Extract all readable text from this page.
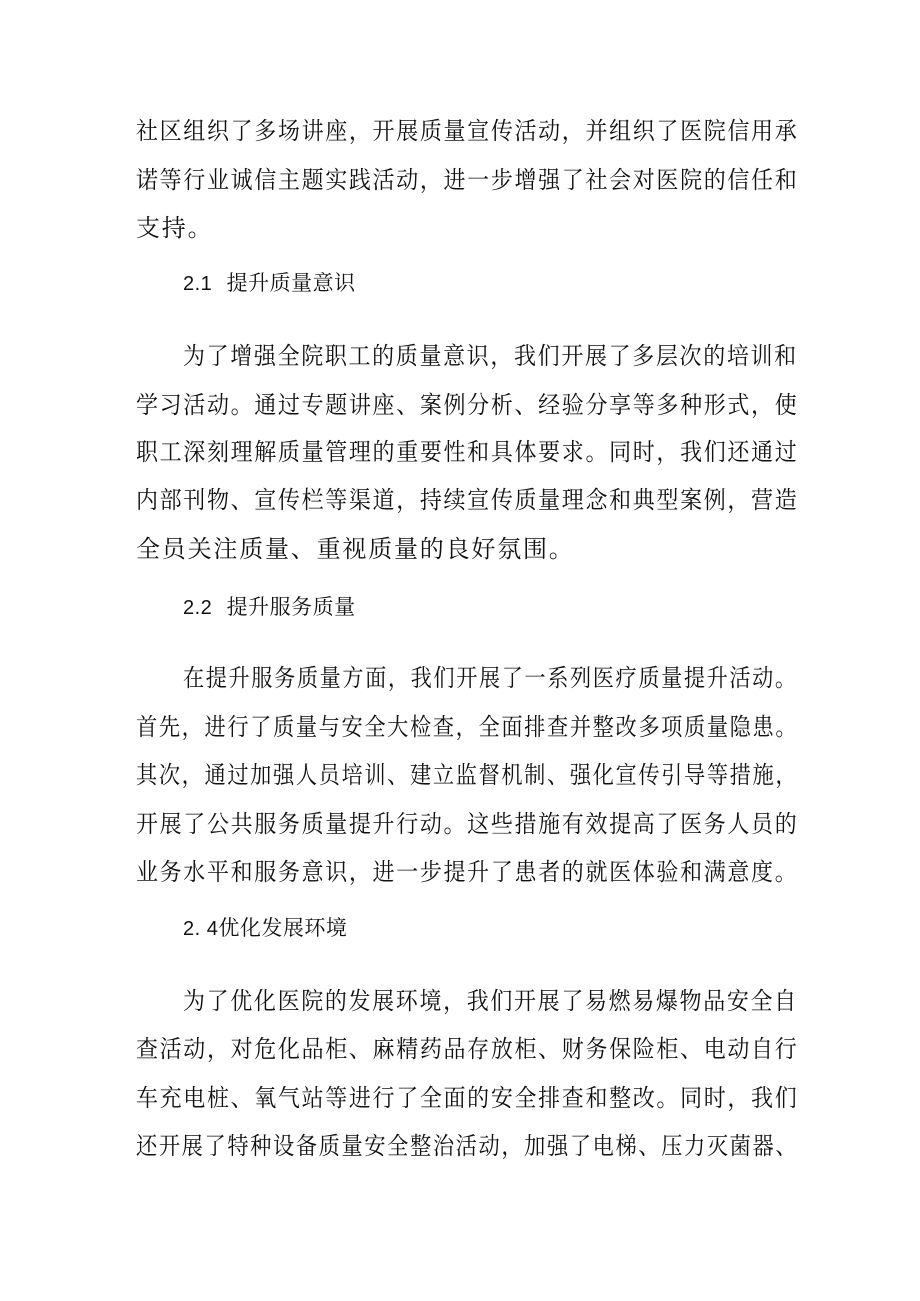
社区组织了多场讲座，开展质量宣传活动，并组织了医院信用承
诺等行业诚信主题实践活动，进一步增强了社会对医院的信任和
支持。
2.1 提升质量意识
为了增强全院职工的质量意识，我们开展了多层次的培训和
学习活动。通过专题讲座、案例分析、经验分享等多种形式，使
职工深刻理解质量管理的重要性和具体要求。同时，我们还通过
内部刊物、宣传栏等渠道，持续宣传质量理念和典型案例，营造
全员关注质量、重视质量的良好氛围。
2.2 提升服务质量
在提升服务质量方面，我们开展了一系列医疗质量提升活动。
首先，进行了质量与安全大检查，全面排查并整改多项质量隐患。
其次，通过加强人员培训、建立监督机制、强化宣传引导等措施，
开展了公共服务质量提升行动。这些措施有效提高了医务人员的
业务水平和服务意识，进一步提升了患者的就医体验和满意度。
2. 4优化发展环境
为了优化医院的发展环境，我们开展了易燃易爆物品安全自
查活动，对危化品柜、麻精药品存放柜、财务保险柜、电动自行
车充电桩、氧气站等进行了全面的安全排查和整改。同时，我们
还开展了特种设备质量安全整治活动，加强了电梯、压力灭菌器、
